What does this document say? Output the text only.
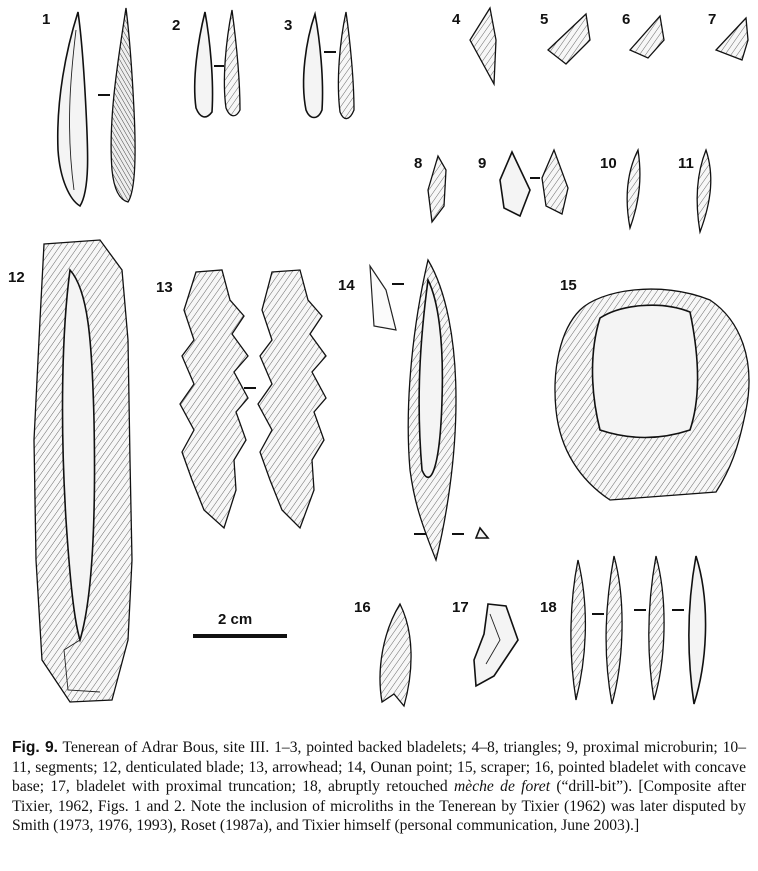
1	2	3	4	5	6	7
8	9	10	11
12
13	14	15
2 cm
16	17	18

Fig. 9. Tenerean of Adrar Bous, site III. 1–3, pointed backed bladelets; 4–8, triangles; 9, proximal microburin; 10–11, segments; 12, denticulated blade; 13, arrowhead; 14, Ounan point; 15, scraper; 16, pointed bladelet with concave base; 17, bladelet with proximal truncation; 18, abruptly retouched mèche de foret (“drill-bit”). [Composite after Tixier, 1962, Figs. 1 and 2. Note the inclusion of microliths in the Tenerean by Tixier (1962) was later disputed by Smith (1973, 1976, 1993), Roset (1987a), and Tixier himself (personal communication, June 2003).]
